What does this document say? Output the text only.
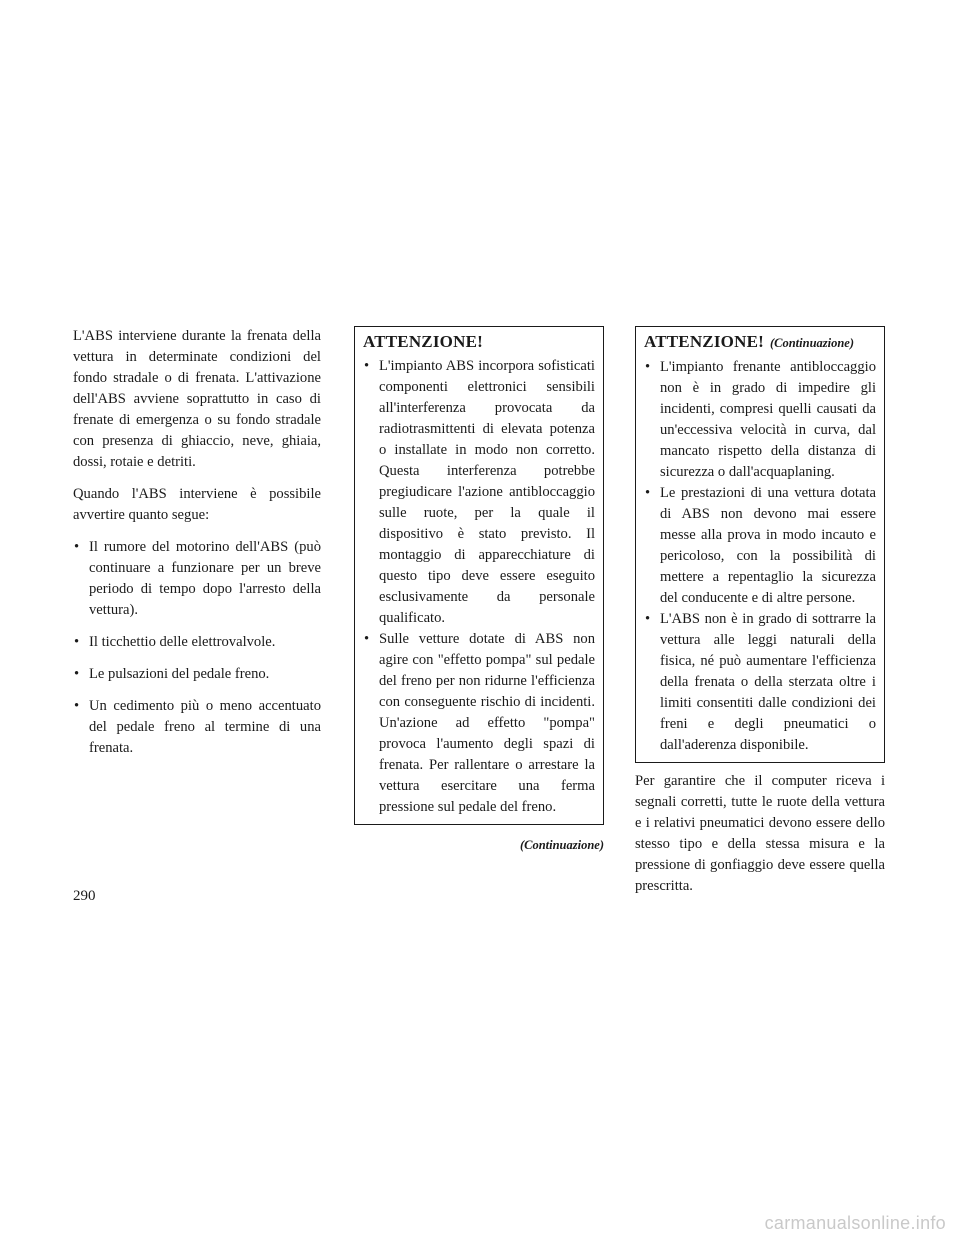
L'ABS interviene durante la frenata della vettura in determinate condizioni del fondo stradale o di frenata. L'attivazione dell'ABS avviene soprattutto in caso di frenate di emergenza o su fondo stradale con presenza di ghiaccio, neve, ghiaia, dossi, rotaie e detriti.

Quando l'ABS interviene è possibile avvertire quanto segue:

• Il rumore del motorino dell'ABS (può continuare a funzionare per un breve periodo di tempo dopo l'arresto della vettura).
• Il ticchettio delle elettrovalvole.
• Le pulsazioni del pedale freno.
• Un cedimento più o meno accentuato del pedale freno al termine di una frenata.
ATTENZIONE!
• L'impianto ABS incorpora sofisticati componenti elettronici sensibili all'interferenza provocata da radiotrasmittenti di elevata potenza o installate in modo non corretto. Questa interferenza potrebbe pregiudicare l'azione antibloccaggio sulle ruote, per la quale il dispositivo è stato previsto. Il montaggio di apparecchiature di questo tipo deve essere eseguito esclusivamente da personale qualificato.
• Sulle vetture dotate di ABS non agire con "effetto pompa" sul pedale del freno per non ridurne l'efficienza con conseguente rischio di incidenti. Un'azione ad effetto "pompa" provoca l'aumento degli spazi di frenata. Per rallentare o arrestare la vettura esercitare una ferma pressione sul pedale del freno.
(Continuazione)
ATTENZIONE! (Continuazione)
• L'impianto frenante antibloccaggio non è in grado di impedire gli incidenti, compresi quelli causati da un'eccessiva velocità in curva, dal mancato rispetto della distanza di sicurezza o dall'acquaplaning.
• Le prestazioni di una vettura dotata di ABS non devono mai essere messe alla prova in modo incauto e pericoloso, con la possibilità di mettere a repentaglio la sicurezza del conducente e di altre persone.
• L'ABS non è in grado di sottrarre la vettura alle leggi naturali della fisica, né può aumentare l'efficienza della frenata o della sterzata oltre i limiti consentiti dalle condizioni dei freni e degli pneumatici o dall'aderenza disponibile.

Per garantire che il computer riceva i segnali corretti, tutte le ruote della vettura e i relativi pneumatici devono essere dello stesso tipo e della stessa misura e la pressione di gonfiaggio deve essere quella prescritta.

290
carmanualsonline.info
